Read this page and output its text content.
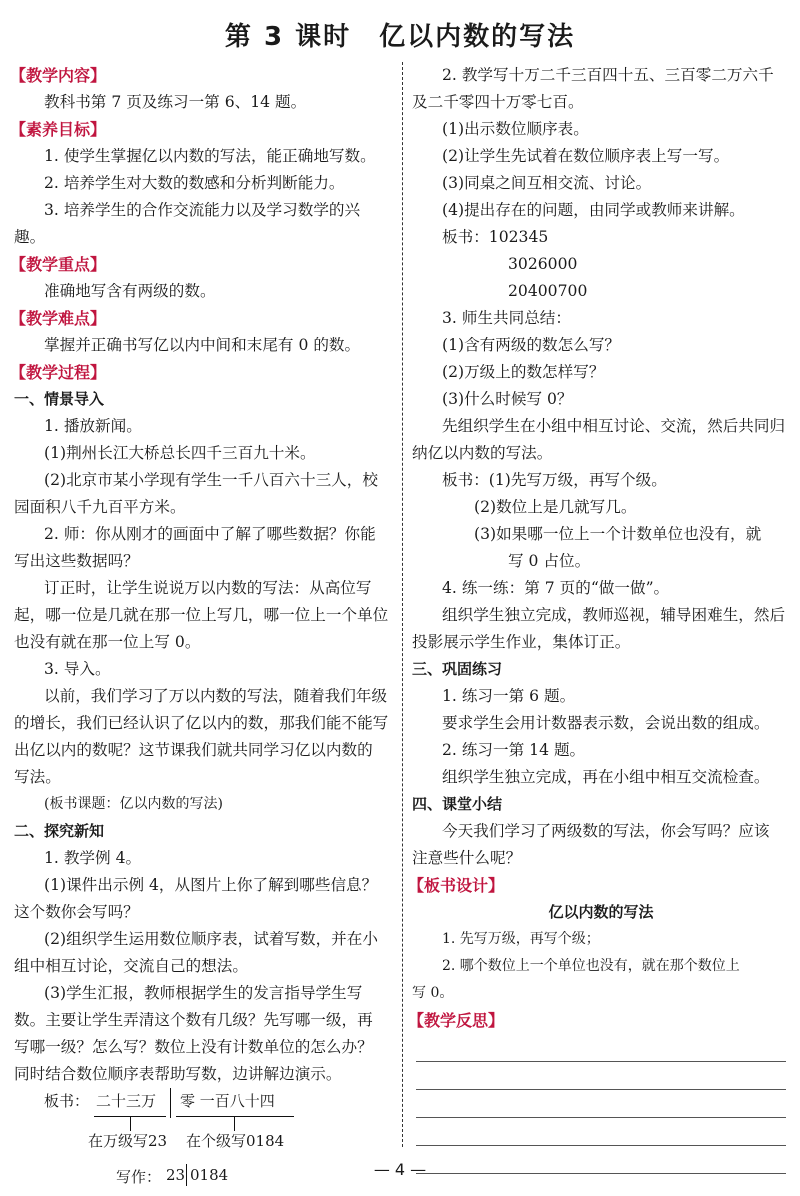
第 3 课时　亿以内数的写法
【教学内容】
教科书第 7 页及练习一第 6、14 题。
【素养目标】
1. 使学生掌握亿以内数的写法，能正确地写数。
2. 培养学生对大数的数感和分析判断能力。
3. 培养学生的合作交流能力以及学习数学的兴
趣。
【教学重点】
准确地写含有两级的数。
【教学难点】
掌握并正确书写亿以内中间和末尾有 0 的数。
【教学过程】
一、情景导入
1. 播放新闻。
(1)荆州长江大桥总长四千三百九十米。
(2)北京市某小学现有学生一千八百六十三人，校
园面积八千九百平方米。
2. 师：你从刚才的画面中了解了哪些数据？你能
写出这些数据吗？
订正时，让学生说说万以内数的写法：从高位写
起，哪一位是几就在那一位上写几，哪一位上一个单位
也没有就在那一位上写 0。
3. 导入。
以前，我们学习了万以内数的写法，随着我们年级
的增长，我们已经认识了亿以内的数，那我们能不能写
出亿以内的数呢？这节课我们就共同学习亿以内数的
写法。
(板书课题：亿以内数的写法)
二、探究新知
1. 教学例 4。
(1)课件出示例 4，从图片上你了解到哪些信息？
这个数你会写吗？
(2)组织学生运用数位顺序表，试着写数，并在小
组中相互讨论，交流自己的想法。
(3)学生汇报，教师根据学生的发言指导学生写
数。主要让学生弄清这个数有几级？先写哪一级，再
写哪一级？怎么写？数位上没有计数单位的怎么办？
同时结合数位顺序表帮助写数，边讲解边演示。
板书： 二十三万 零 一百八十四
在万级写23 在个级写0184
写作： 23 0184
2. 教学写十万二千三百四十五、三百零二万六千
及二千零四十万零七百。
(1)出示数位顺序表。
(2)让学生先试着在数位顺序表上写一写。
(3)同桌之间互相交流、讨论。
(4)提出存在的问题，由同学或教师来讲解。
板书：102345
3026000
20400700
3. 师生共同总结：
(1)含有两级的数怎么写？
(2)万级上的数怎样写？
(3)什么时候写 0？
先组织学生在小组中相互讨论、交流，然后共同归
纳亿以内数的写法。
板书：(1)先写万级，再写个级。
(2)数位上是几就写几。
(3)如果哪一位上一个计数单位也没有，就
写 0 占位。
4. 练一练：第 7 页的“做一做”。
组织学生独立完成，教师巡视，辅导困难生，然后
投影展示学生作业，集体订正。
三、巩固练习
1. 练习一第 6 题。
要求学生会用计数器表示数，会说出数的组成。
2. 练习一第 14 题。
组织学生独立完成，再在小组中相互交流检查。
四、课堂小结
今天我们学习了两级数的写法，你会写吗？应该
注意些什么呢？
【板书设计】
亿以内数的写法
1. 先写万级，再写个级；
2. 哪个数位上一个单位也没有，就在那个数位上
写 0。
【教学反思】
— 4 —
